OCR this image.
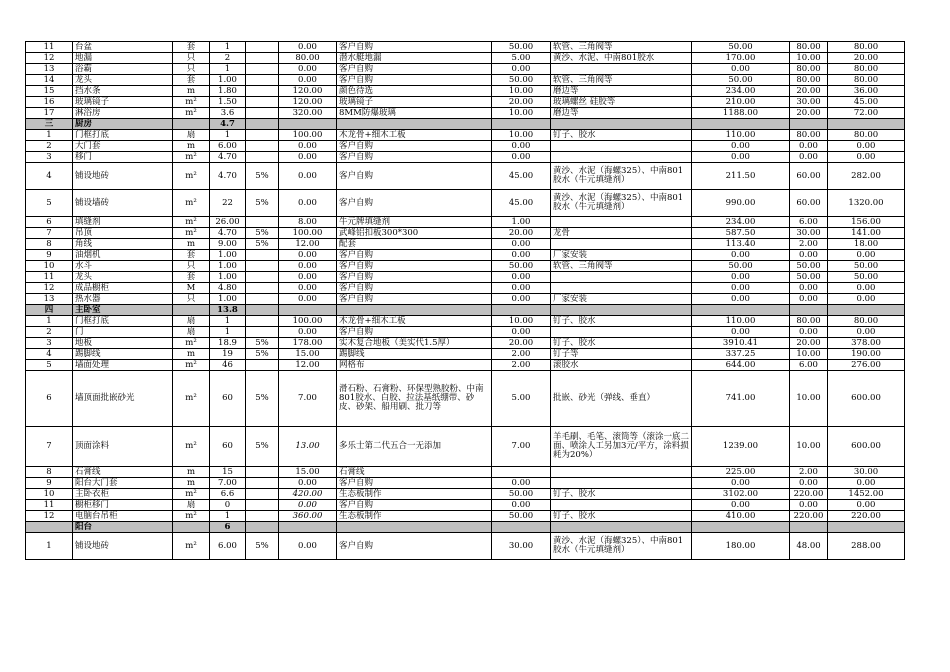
11	台盆	套	1		0.00	客户自购	50.00	软管、三角阀等	50.00	80.00	80.00
12	地漏	只	2		80.00	潜水艇地漏	5.00	黄沙、水泥、中南801胶水	170.00	10.00	20.00
13	浴霸	只	1		0.00	客户自购	0.00		0.00	80.00	80.00
14	龙头	套	1.00		0.00	客户自购	50.00	软管、三角阀等	50.00	80.00	80.00
15	挡水条	m	1.80		120.00	颜色待选	10.00	磨边等	234.00	20.00	36.00
16	玻璃镜子	m²	1.50		120.00	玻璃镜子	20.00	玻璃螺丝 硅胶等	210.00	30.00	45.00
17	淋浴房	m²	3.6		320.00	8MM防爆玻璃	10.00	磨边等	1188.00	20.00	72.00
三	厨房		4.7								
1	门框打底	扇	1		100.00	木龙骨+细木工板	10.00	钉子、胶水	110.00	80.00	80.00
2	大门套	m	6.00		0.00	客户自购	0.00		0.00	0.00	0.00
3	移门	m²	4.70		0.00	客户自购	0.00		0.00	0.00	0.00
4	铺设地砖	m²	4.70	5%	0.00	客户自购	45.00	黄沙、水泥（海螺325）、中南801胶水（牛元填缝剂）	211.50	60.00	282.00
5	铺设墙砖	m²	22	5%	0.00	客户自购	45.00	黄沙、水泥（海螺325）、中南801胶水（牛元填缝剂）	990.00	60.00	1320.00
6	填缝剂	m²	26.00		8.00	牛元牌填缝剂	1.00		234.00	6.00	156.00
7	吊顶	m²	4.70	5%	100.00	武峰铝扣板300*300	20.00	龙骨	587.50	30.00	141.00
8	角线	m	9.00	5%	12.00	配套	0.00		113.40	2.00	18.00
9	油烟机	套	1.00		0.00	客户自购	0.00	厂家安装	0.00	0.00	0.00
10	水斗	只	1.00		0.00	客户自购	50.00	软管、三角阀等	50.00	50.00	50.00
11	龙头	套	1.00		0.00	客户自购	0.00		0.00	50.00	50.00
12	成品橱柜	M	4.80		0.00	客户自购	0.00		0.00	0.00	0.00
13	热水器	只	1.00		0.00	客户自购	0.00	厂家安装	0.00	0.00	0.00
四	主卧室		13.8								
1	门框打底	扇	1		100.00	木龙骨+细木工板	10.00	钉子、胶水	110.00	80.00	80.00
2	门	扇	1		0.00	客户自购	0.00		0.00	0.00	0.00
3	地板	m²	18.9	5%	178.00	实木复合地板（美实代1.5厚）	20.00	钉子、胶水	3910.41	20.00	378.00
4	踢脚线	m	19	5%	15.00	踢脚线	2.00	钉子等	337.25	10.00	190.00
5	墙面处理	m²	46		12.00	网格布	2.00	滚胶水	644.00	6.00	276.00
6	墙顶面批嵌砂光	m²	60	5%	7.00	滑石粉、石膏粉、环保型熟胶粉、中南801胶水、白胶、拉法基纸绷带、砂皮、砂架、船用刷、批刀等	5.00	批嵌、砂光（弹线、垂直）	741.00	10.00	600.00
7	顶面涂料	m²	60	5%	13.00	多乐士第二代五合一无添加	7.00	羊毛刷、毛笔、滚筒等（滚涂一底二面、喷涂人工另加3元/平方，涂料损耗为20%）	1239.00	10.00	600.00
8	石膏线	m	15		15.00	石膏线			225.00	2.00	30.00
9	阳台大门套	m	7.00		0.00	客户自购	0.00		0.00	0.00	0.00
10	主卧衣柜	m²	6.6		420.00	生态板制作	50.00	钉子、胶水	3102.00	220.00	1452.00
11	橱柜移门	扇	0		0.00	客户自购	0.00		0.00	0.00	0.00
12	电脑台吊柜	m²	1		360.00	生态板制作	50.00	钉子、胶水	410.00	220.00	220.00
	阳台		6								
1	铺设地砖	m²	6.00	5%	0.00	客户自购	30.00	黄沙、水泥（海螺325）、中南801胶水（牛元填缝剂）	180.00	48.00	288.00
